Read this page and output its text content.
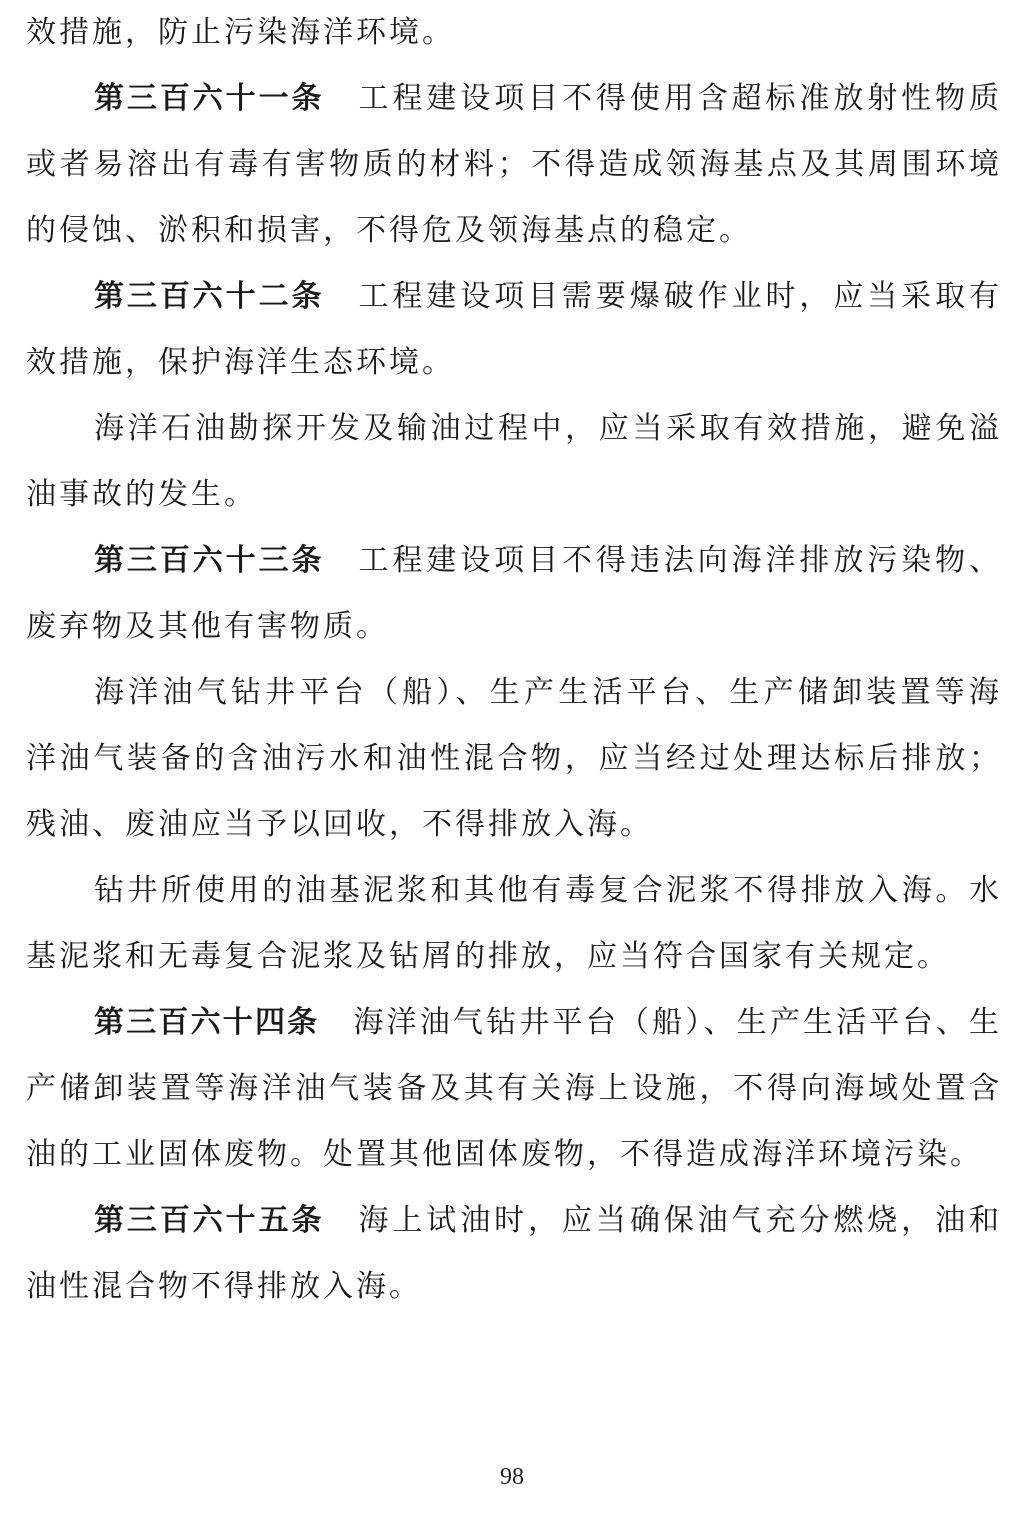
效措施，防止污染海洋环境。

第三百六十一条 工程建设项目不得使用含超标准放射性物质或者易溶出有毒有害物质的材料；不得造成领海基点及其周围环境的侵蚀、淤积和损害，不得危及领海基点的稳定。

第三百六十二条 工程建设项目需要爆破作业时，应当采取有效措施，保护海洋生态环境。

海洋石油勘探开发及输油过程中，应当采取有效措施，避免溢油事故的发生。

第三百六十三条 工程建设项目不得违法向海洋排放污染物、废弃物及其他有害物质。

海洋油气钻井平台（船）、生产生活平台、生产储卸装置等海洋油气装备的含油污水和油性混合物，应当经过处理达标后排放；残油、废油应当予以回收，不得排放入海。

钻井所使用的油基泥浆和其他有毒复合泥浆不得排放入海。水基泥浆和无毒复合泥浆及钻屑的排放，应当符合国家有关规定。

第三百六十四条 海洋油气钻井平台（船）、生产生活平台、生产储卸装置等海洋油气装备及其有关海上设施，不得向海域处置含油的工业固体废物。处置其他固体废物，不得造成海洋环境污染。

第三百六十五条 海上试油时，应当确保油气充分燃烧，油和油性混合物不得排放入海。

98
